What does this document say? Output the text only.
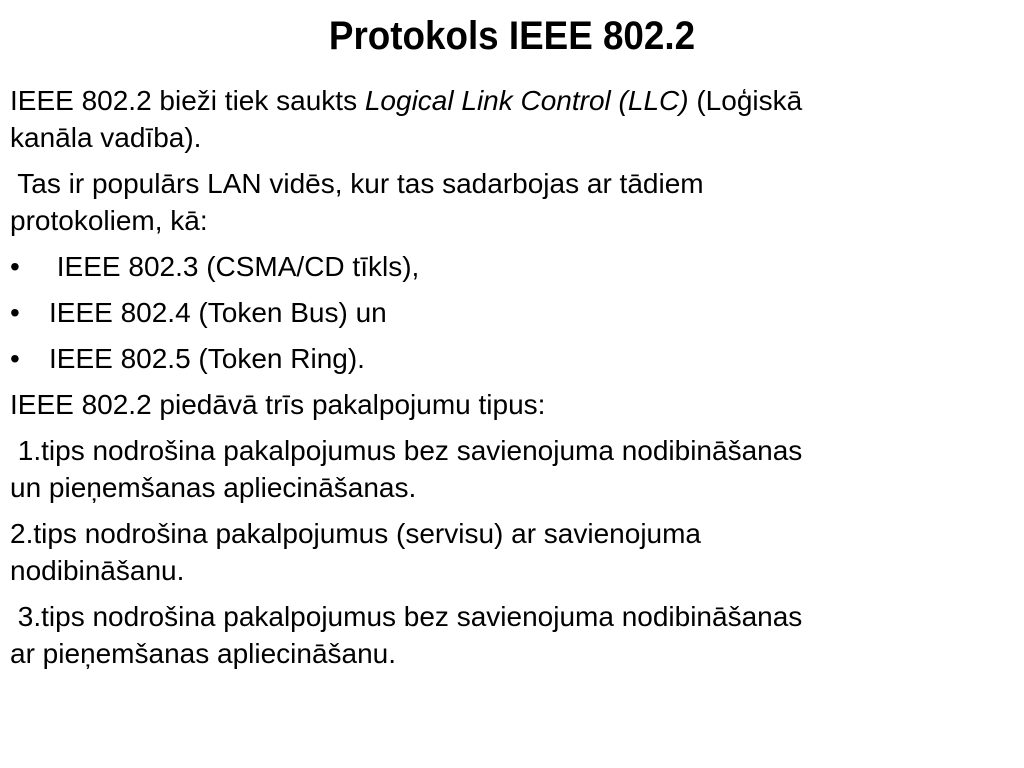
Protokols IEEE 802.2

IEEE 802.2 bieži tiek saukts Logical Link Control (LLC) (Loģiskā
kanāla vadība).

Tas ir populārs LAN vidēs, kur tas sadarbojas ar tādiem
protokoliem, kā:

• IEEE 802.3 (CSMA/CD tīkls),
• IEEE 802.4 (Token Bus) un
• IEEE 802.5 (Token Ring).

IEEE 802.2 piedāvā trīs pakalpojumu tipus:

1.tips nodrošina pakalpojumus bez savienojuma nodibināšanas
un pieņemšanas apliecināšanas.

2.tips nodrošina pakalpojumus (servisu) ar savienojuma
nodibināšanu.

3.tips nodrošina pakalpojumus bez savienojuma nodibināšanas
ar pieņemšanas apliecināšanu.
